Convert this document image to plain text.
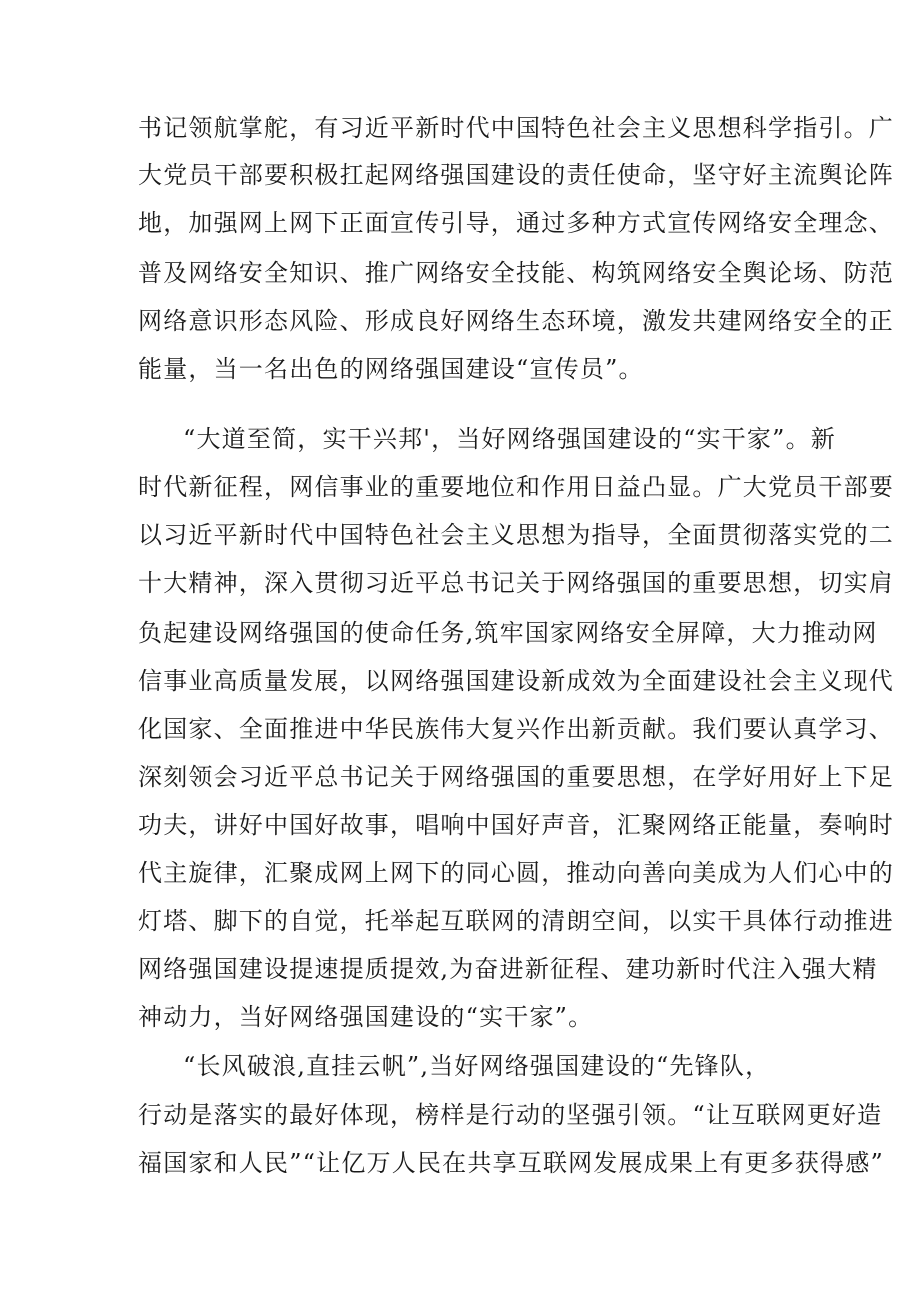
书记领航掌舵，有习近平新时代中国特色社会主义思想科学指引。广
大党员干部要积极扛起网络强国建设的责任使命，坚守好主流舆论阵
地，加强网上网下正面宣传引导，通过多种方式宣传网络安全理念、
普及网络安全知识、推广网络安全技能、构筑网络安全舆论场、防范
网络意识形态风险、形成良好网络生态环境，激发共建网络安全的正
能量，当一名出色的网络强国建设“宣传员”。
“大道至简，实干兴邦'，当好网络强国建设的“实干家”。新
时代新征程，网信事业的重要地位和作用日益凸显。广大党员干部要
以习近平新时代中国特色社会主义思想为指导，全面贯彻落实党的二
十大精神，深入贯彻习近平总书记关于网络强国的重要思想，切实肩
负起建设网络强国的使命任务,筑牢国家网络安全屏障，大力推动网
信事业高质量发展，以网络强国建设新成效为全面建设社会主义现代
化国家、全面推进中华民族伟大复兴作出新贡献。我们要认真学习、
深刻领会习近平总书记关于网络强国的重要思想，在学好用好上下足
功夫，讲好中国好故事，唱响中国好声音，汇聚网络正能量，奏响时
代主旋律，汇聚成网上网下的同心圆，推动向善向美成为人们心中的
灯塔、脚下的自觉，托举起互联网的清朗空间，以实干具体行动推进
网络强国建设提速提质提效,为奋进新征程、建功新时代注入强大精
神动力，当好网络强国建设的“实干家”。
“长风破浪,直挂云帆”,当好网络强国建设的“先锋队，
行动是落实的最好体现，榜样是行动的坚强引领。“让互联网更好造
福国家和人民”“让亿万人民在共享互联网发展成果上有更多获得感”
